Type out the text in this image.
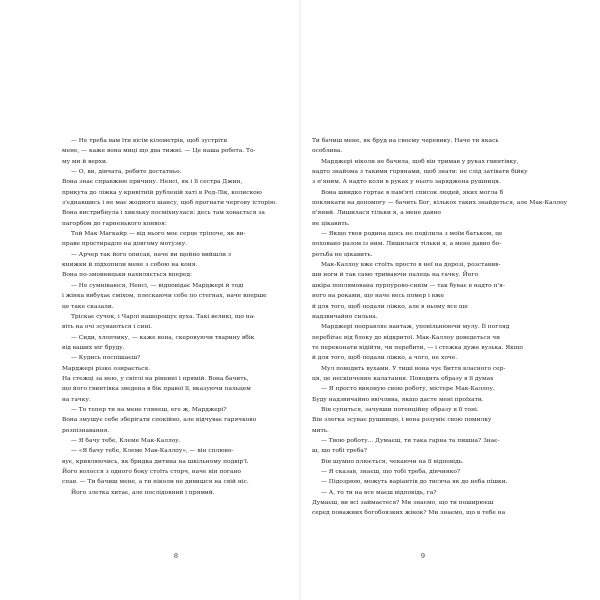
— Не треба вам їти вісім кілометрів, щоб зустріти
мене, — каже вона миці що два тижні. — Це наша робота. То-
му ми й верхи.
— О, ви, дівчата, робите достатньо.
Вона знає справжню причину. Ненсі, як і її сестра Джин,
прикута до ліжка у кривітній рубленій хаті в Ред-Лік, колискою
з'єднавшись і не має жодного шансу, щоб прогнати чергову історію.
Вона вистрибнула і хвильку посміхнулася: десь там ховається за
пагорбом до гарненького конвоя:
Той Мак Магкайр — від нього моє серце тріпоче, як ви-
праве простирадло на довгому мотузку.
— Арчер так його описав, наче ви щойно вийшли з
книжки й підхопили мене з собою на коня.
Вона по-змовницьки нахиляється вперед:
— Не сумніваюся, Ненсі, — відповідає Марджері й тоді
і жінка вибухає сміхом, плескаючи себе по стегнах, наче вперше
це таке сказали.
Тріскає сучок, і Чарлі нашорошує вуха. Такі великі, що на-
віть на очі зсуваються і сині.
— Сиди, хлопчику, — каже вона, скеровуючи тварину вбік
від ваших ніг бруду.
— Кудись поспішаєш?
Марджері різко озирається.
На стежці за нею, у світлі на рівнині і прямій. Вона бачить,
що його гвинтівка зведена в бік правої її, вказуючи пальцем
на гачку.
— То тепер ти на мене глянеш, еге ж, Марджері?
Вона змушує себе зберігати спокійно, але відчуває гарячково
розпізнавання.
— Я бачу тебе, Клеме Мак-Каллоу.
— «Я бачу тебе, Клеме Мак-Каллоу», — він сплюво-
вує, кривляючись, як бридка дитина на шкільному подвір'ї.
Його волосся з одного боку стоїть сторч, наче він погано
спав. — Ти бачиш мене, а ти ніколи не дивишся на свій ніс.
Його злетка хитає, але послідовний і прямий.
Ти бачиш мене, як бруд на своєму черевику. Наче ти якась
особлива.
Марджері ніколи не бачила, щоб він тримав у руках гвинтівку,
надто знайома з такими горянами, щоб знати: не слід затівати бійку
з п'яним. А надто коли в руках у нього заряджена рушниця.
Вона швидко гортає в пам'яті список людей, яких могла б
покликати на допомогу — бачить Бог, кількох таких знайдеться, але Мак-Каллоу
п'яний. Лишилася тільки я, а мене давно
не цікавить.
— Якщо твоя родина щось не поділила з моїм батьком, це
поховано разом із ним. Лишилася тільки я, а мене давно бо-
ротьба не цікавить.
Мак-Каллоу вже стоїть просто в неї на дорозі, розставив-
ши ноги й так само тримаючи палець на гачку. Його
шкіра поплямована пурпурово-синім — так буває в надто п'я-
ного на роками, що наче весь помер і вже
й для того, щоб подали ліжко, але в ньому все ще
надзвичайно сильна.
Марджері поправляє вантаж, уповільнюючи мулу. Її погляд
перебігає від блоку до відкритої. Мак-Каллоу доведеться чи
те переконати відійти, чи перебити, — і стежка дуже вузька. Якщо
й для того, щоб подали ліжко, а чого, не хоче.
Мул поводить вухами. У тиші вона чує биття власного сер-
ця, це нескінченне калатання. Поводить образу в її думах
— Я просто виконую свою роботу, містере Мак-Каллоу.
Буду надзвичайно ввічлива, якщо дасте мені проїхати.
Він супиться, зачувши потенційну образу в її тоні.
Він злегка зсуває рушницю, і вона розуміє свою помилку
мить.
— Твою роботу... Думаєш, ти така гарна та пишна? Знає-
ш, що тобі треба?
Він шумно плюється, чекаючи на її відповідь.
— Я сказав, знаєш, що тобі треба, дівчинко?
— Підозрюю, можуть варіантів до тисяча як до неба пішки.
— А, то ти на все маєш відповідь, га?
Думаєш, ви всі займаєтеся? Ми знаємо, що ти поширюєш
серед поважних богобоязких жінок? Ми знаємо, що в тебе на
8	9
